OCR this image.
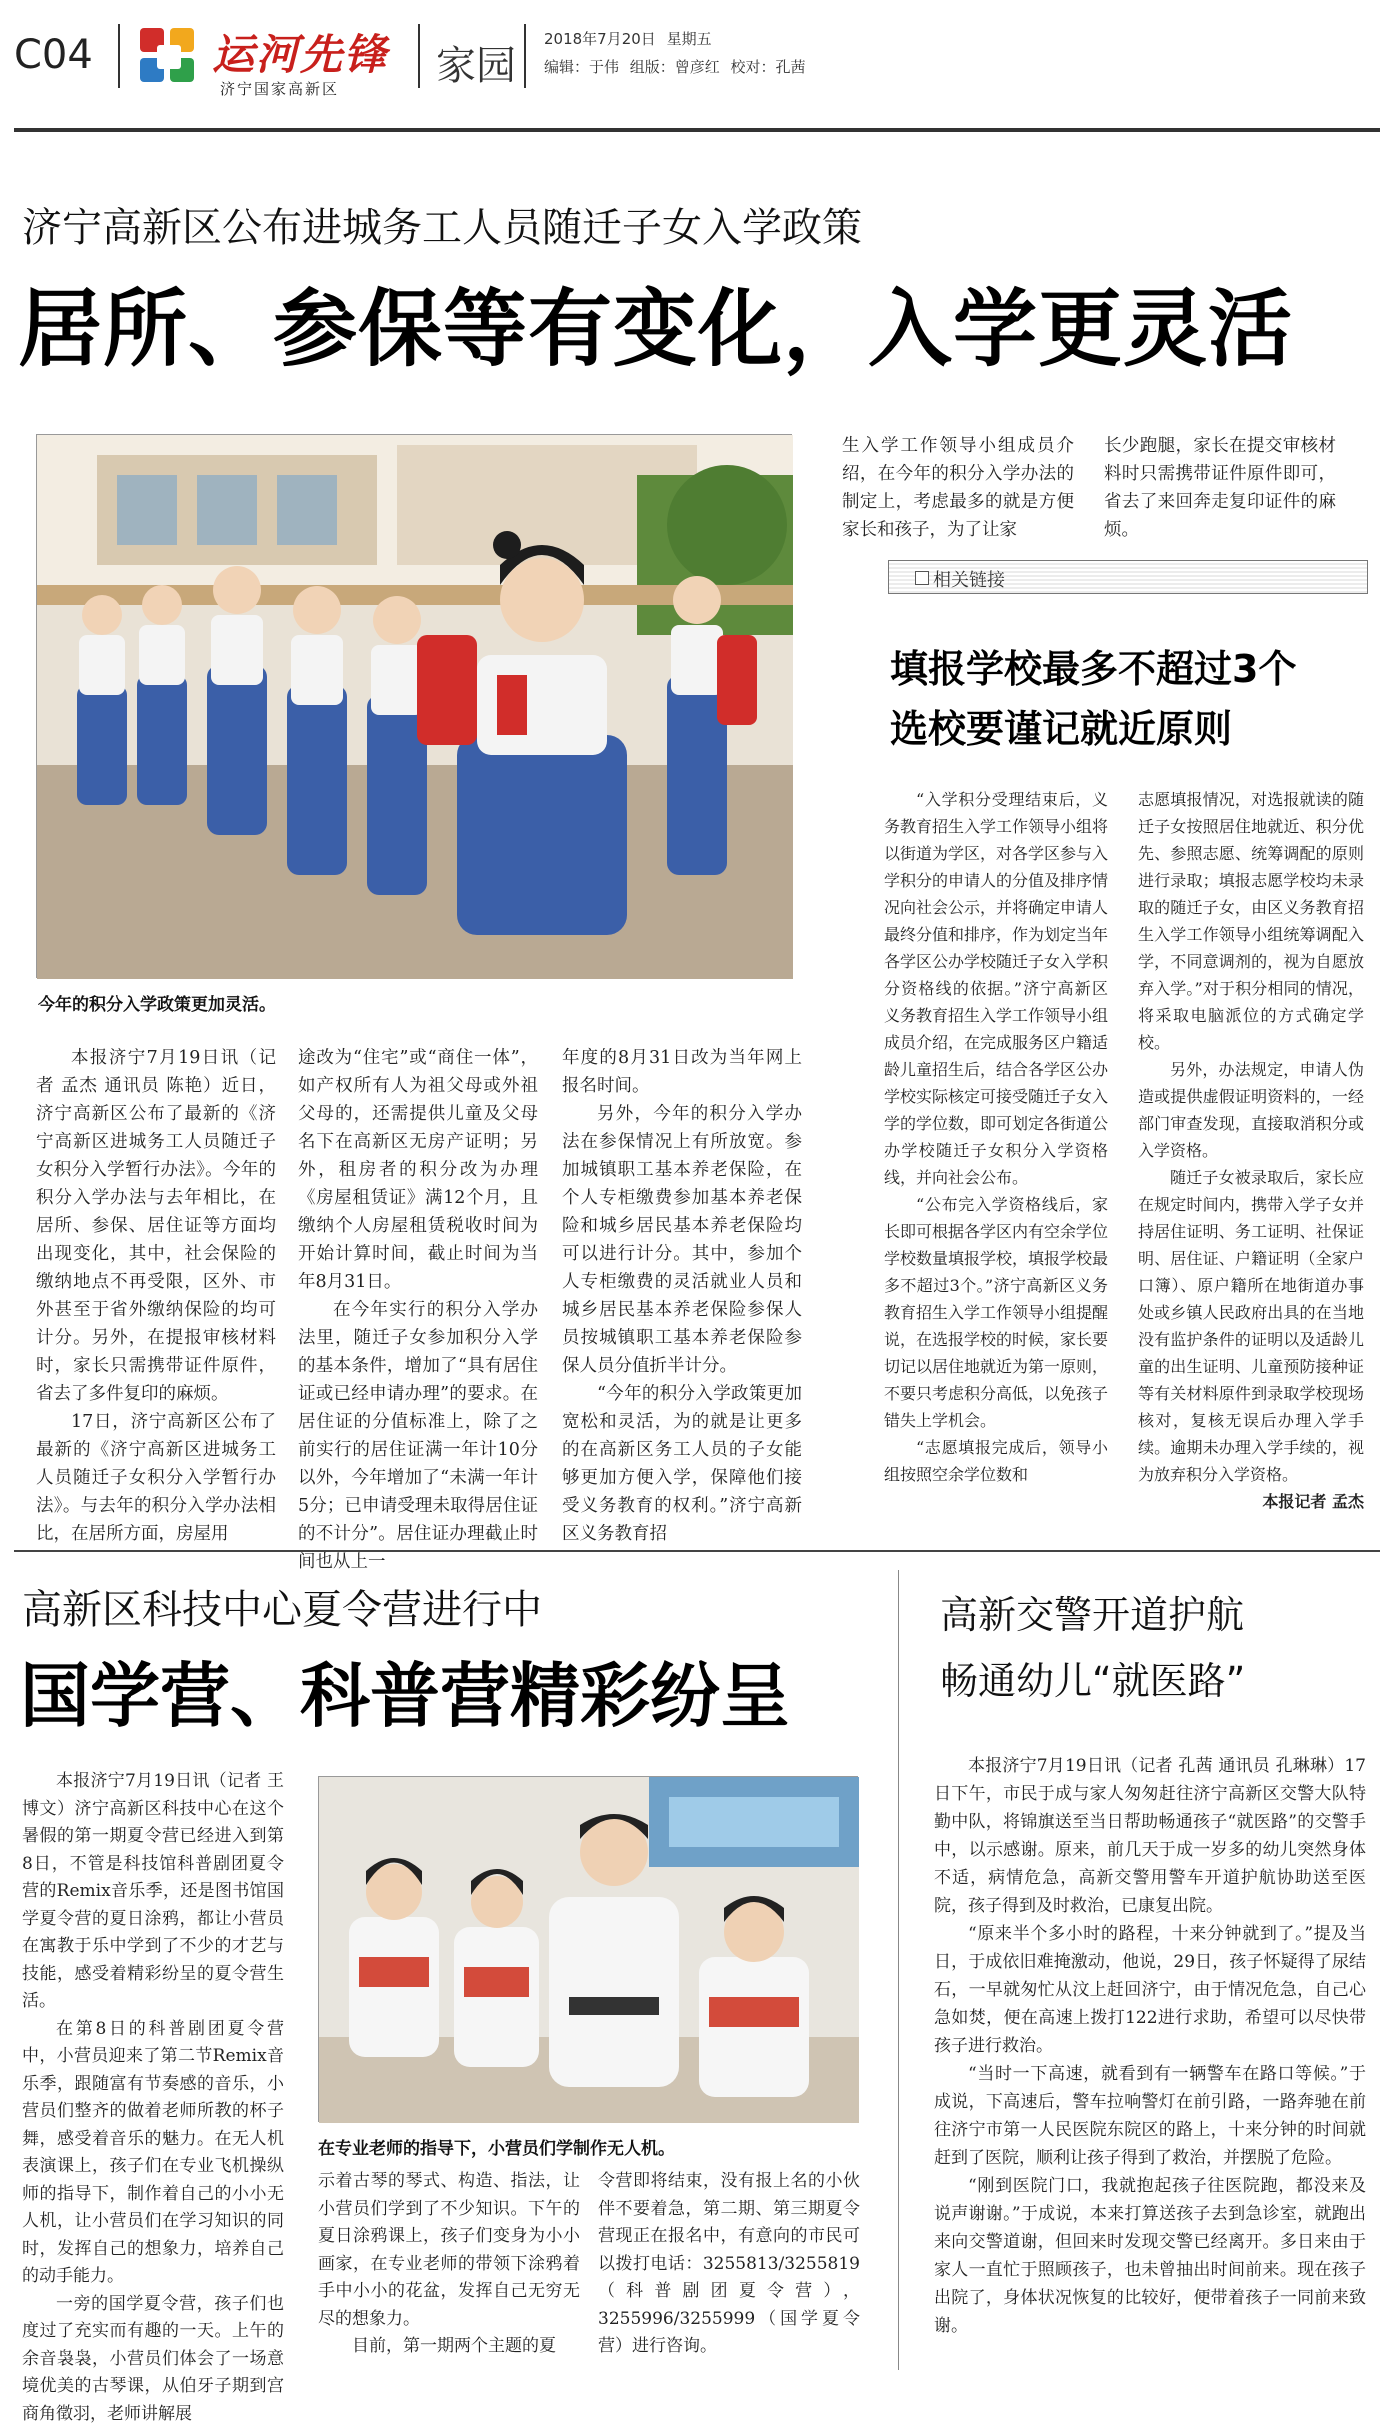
C04	运河先锋
济宁国家高新区 家园
2018年7月20日 星期五
编辑：于伟 组版：曾彦红 校对：孔茜
济宁高新区公布进城务工人员随迁子女入学政策
居所、参保等有变化，入学更灵活
今年的积分入学政策更加灵活。
生入学工作领导小组成员介绍，在今年的积分入学办法的制定上，考虑最多的就是方便家长和孩子，为了让家
长少跑腿，家长在提交审核材料时只需携带证件原件即可，省去了来回奔走复印证件的麻烦。

本报济宁7月19日讯（记者 孟杰 通讯员 陈艳）近日，济宁高新区公布了最新的《济宁高新区进城务工人员随迁子女积分入学暂行办法》。今年的积分入学办法与去年相比，在居所、参保、居住证等方面均出现变化，其中，社会保险的缴纳地点不再受限，区外、市外甚至于省外缴纳保险的均可计分。另外，在提报审核材料时，家长只需携带证件原件，省去了多件复印的麻烦。

17日，济宁高新区公布了最新的《济宁高新区进城务工人员随迁子女积分入学暂行办法》。与去年的积分入学办法相比，在居所方面，房屋用

途改为“住宅”或“商住一体”，如产权所有人为祖父母或外祖父母的，还需提供儿童及父母名下在高新区无房产证明；另外，租房者的积分改为办理《房屋租赁证》满12个月，且缴纳个人房屋租赁税收时间为开始计算时间，截止时间为当年8月31日。

在今年实行的积分入学办法里，随迁子女参加积分入学的基本条件，增加了“具有居住证或已经申请办理”的要求。在居住证的分值标准上，除了之前实行的居住证满一年计10分以外，今年增加了“未满一年计5分；已申请受理未取得居住证的不计分”。居住证办理截止时间也从上一

年度的8月31日改为当年网上报名时间。

另外，今年的积分入学办法在参保情况上有所放宽。参加城镇职工基本养老保险，在个人专柜缴费参加基本养老保险和城乡居民基本养老保险均可以进行计分。其中，参加个人专柜缴费的灵活就业人员和城乡居民基本养老保险参保人员按城镇职工基本养老保险参保人员分值折半计分。

“今年的积分入学政策更加宽松和灵活，为的就是让更多的在高新区务工人员的子女能够更加方便入学，保障他们接受义务教育的权利。”济宁高新区义务教育招

相关链接
填报学校最多不超过3个
选校要谨记就近原则

“入学积分受理结束后，义务教育招生入学工作领导小组将以街道为学区，对各学区参与入学积分的申请人的分值及排序情况向社会公示，并将确定申请人最终分值和排序，作为划定当年各学区公办学校随迁子女入学积分资格线的依据。”济宁高新区义务教育招生入学工作领导小组成员介绍，在完成服务区户籍适龄儿童招生后，结合各学区公办学校实际核定可接受随迁子女入学的学位数，即可划定各街道公办学校随迁子女积分入学资格线，并向社会公布。

“公布完入学资格线后，家长即可根据各学区内有空余学位学校数量填报学校，填报学校最多不超过3个。”济宁高新区义务教育招生入学工作领导小组提醒说，在选报学校的时候，家长要切记以居住地就近为第一原则，不要只考虑积分高低，以免孩子错失上学机会。

“志愿填报完成后，领导小组按照空余学位数和

志愿填报情况，对选报就读的随迁子女按照居住地就近、积分优先、参照志愿、统筹调配的原则进行录取；填报志愿学校均未录取的随迁子女，由区义务教育招生入学工作领导小组统筹调配入学，不同意调剂的，视为自愿放弃入学。”对于积分相同的情况，将采取电脑派位的方式确定学校。

另外，办法规定，申请人伪造或提供虚假证明资料的，一经部门审查发现，直接取消积分或入学资格。

随迁子女被录取后，家长应在规定时间内，携带入学子女并持居住证明、务工证明、社保证明、居住证、户籍证明（全家户口簿）、原户籍所在地街道办事处或乡镇人民政府出具的在当地没有监护条件的证明以及适龄儿童的出生证明、儿童预防接种证等有关材料原件到录取学校现场核对，复核无误后办理入学手续。逾期未办理入学手续的，视为放弃积分入学资格。

本报记者 孟杰

高新区科技中心夏令营进行中
国学营、科普营精彩纷呈

本报济宁7月19日讯（记者 王博文）济宁高新区科技中心在这个暑假的第一期夏令营已经进入到第8日，不管是科技馆科普剧团夏令营的Remix音乐季，还是图书馆国学夏令营的夏日涂鸦，都让小营员在寓教于乐中学到了不少的才艺与技能，感受着精彩纷呈的夏令营生活。

在第8日的科普剧团夏令营中，小营员迎来了第二节Remix音乐季，跟随富有节奏感的音乐，小营员们整齐的做着老师所教的杯子舞，感受着音乐的魅力。在无人机表演课上，孩子们在专业飞机操纵师的指导下，制作着自己的小小无人机，让小营员们在学习知识的同时，发挥自己的想象力，培养自己的动手能力。

一旁的国学夏令营，孩子们也度过了充实而有趣的一天。上午的余音袅袅，小营员们体会了一场意境优美的古琴课，从伯牙子期到宫商角徵羽，老师讲解展

在专业老师的指导下，小营员们学制作无人机。

示着古琴的琴式、构造、指法，让小营员们学到了不少知识。下午的夏日涂鸦课上，孩子们变身为小小画家，在专业老师的带领下涂鸦着手中小小的花盆，发挥自己无穷无尽的想象力。

目前，第一期两个主题的夏

令营即将结束，没有报上名的小伙伴不要着急，第二期、第三期夏令营现正在报名中，有意向的市民可以拨打电话：3255813/3255819（科普剧团夏令营），3255996/3255999（国学夏令营）进行咨询。

高新交警开道护航
畅通幼儿“就医路”

本报济宁7月19日讯（记者 孔茜 通讯员 孔琳琳）17日下午，市民于成与家人匆匆赶往济宁高新区交警大队特勤中队，将锦旗送至当日帮助畅通孩子“就医路”的交警手中，以示感谢。原来，前几天于成一岁多的幼儿突然身体不适，病情危急，高新交警用警车开道护航协助送至医院，孩子得到及时救治，已康复出院。

“原来半个多小时的路程，十来分钟就到了。”提及当日，于成依旧难掩激动，他说，29日，孩子怀疑得了尿结石，一早就匆忙从汶上赶回济宁，由于情况危急，自己心急如焚，便在高速上拨打122进行求助，希望可以尽快带孩子进行救治。

“当时一下高速，就看到有一辆警车在路口等候。”于成说，下高速后，警车拉响警灯在前引路，一路奔驰在前往济宁市第一人民医院东院区的路上，十来分钟的时间就赶到了医院，顺利让孩子得到了救治，并摆脱了危险。

“刚到医院门口，我就抱起孩子往医院跑，都没来及说声谢谢。”于成说，本来打算送孩子去到急诊室，就跑出来向交警道谢，但回来时发现交警已经离开。多日来由于家人一直忙于照顾孩子，也未曾抽出时间前来。现在孩子出院了，身体状况恢复的比较好，便带着孩子一同前来致谢。
